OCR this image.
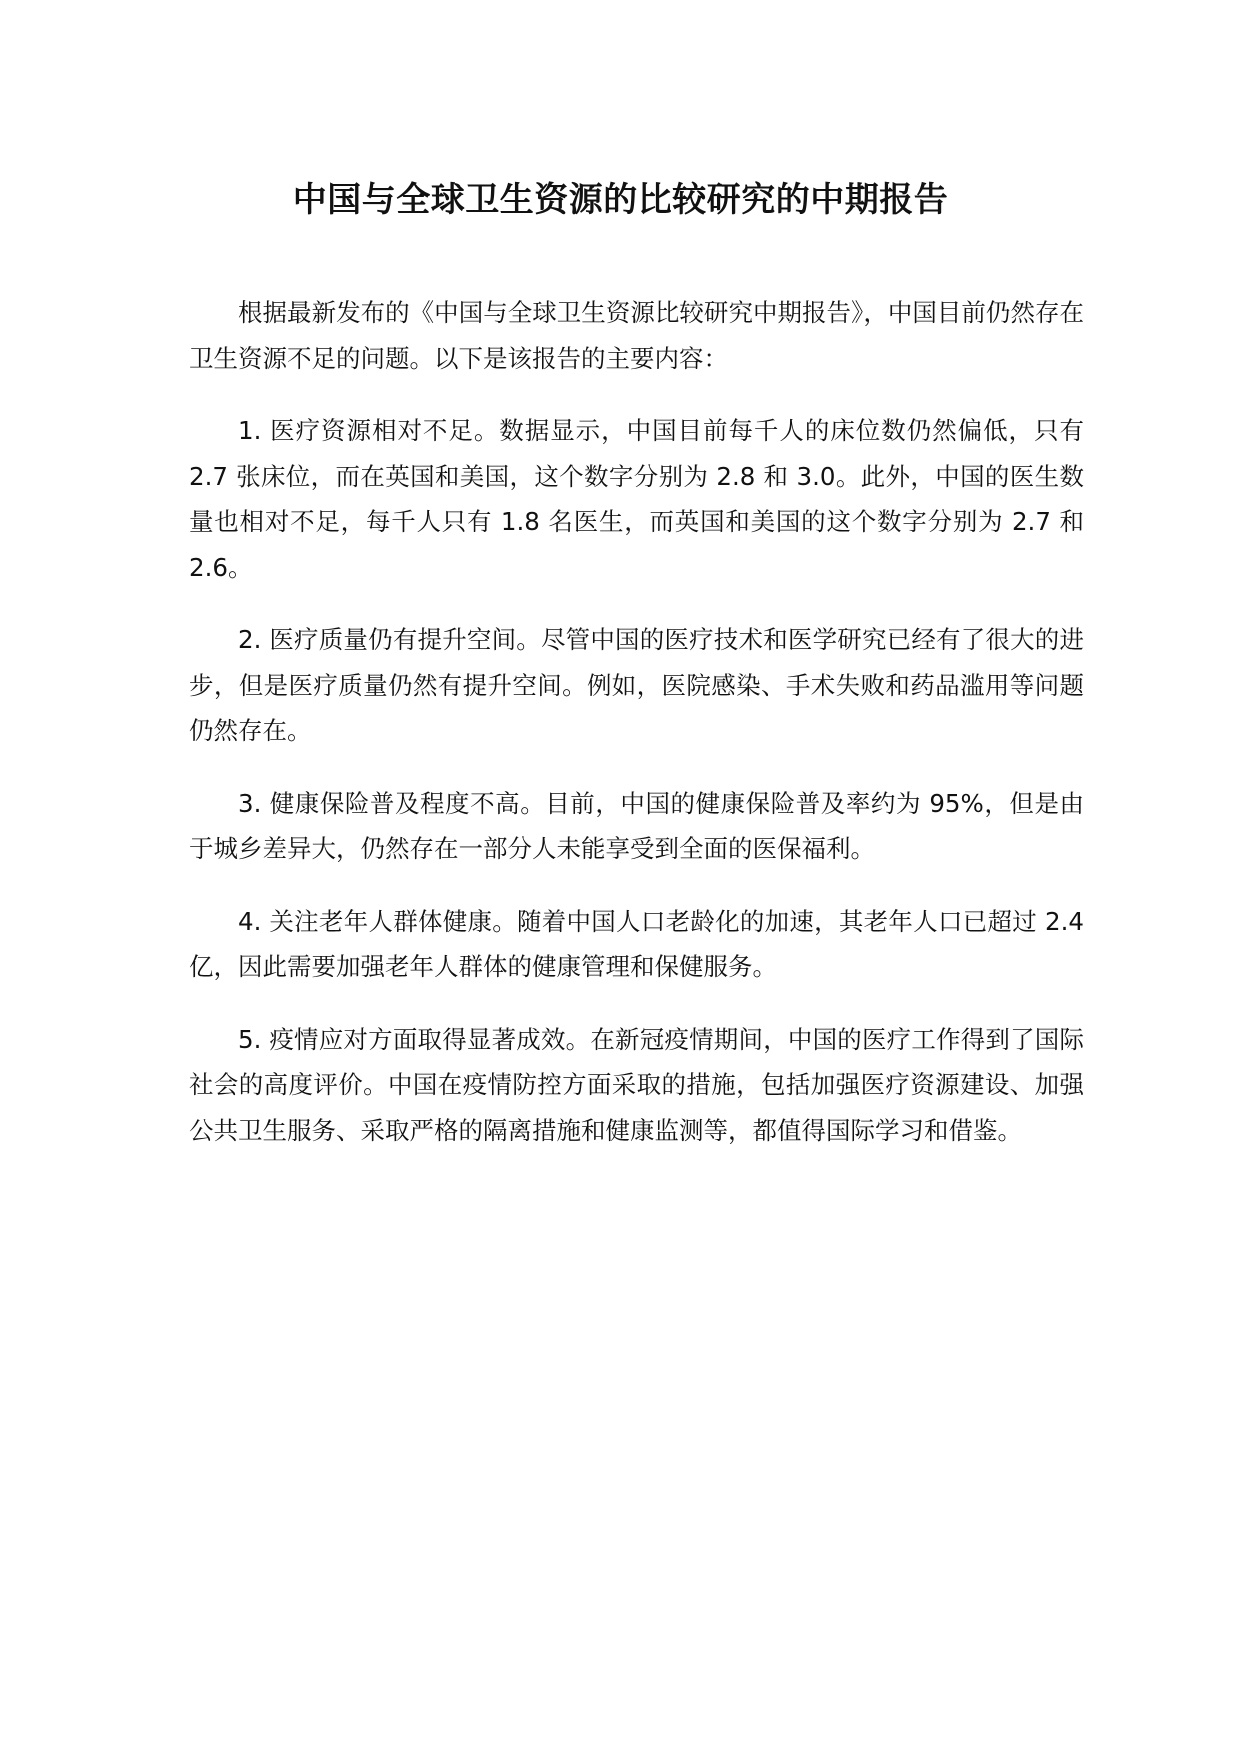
中国与全球卫生资源的比较研究的中期报告

根据最新发布的《中国与全球卫生资源比较研究中期报告》，中国目前仍然存在卫生资源不足的问题。以下是该报告的主要内容：

1. 医疗资源相对不足。数据显示，中国目前每千人的床位数仍然偏低，只有 2.7 张床位，而在英国和美国，这个数字分别为 2.8 和 3.0。此外，中国的医生数量也相对不足，每千人只有 1.8 名医生，而英国和美国的这个数字分别为 2.7 和 2.6。

2. 医疗质量仍有提升空间。尽管中国的医疗技术和医学研究已经有了很大的进步，但是医疗质量仍然有提升空间。例如，医院感染、手术失败和药品滥用等问题仍然存在。

3. 健康保险普及程度不高。目前，中国的健康保险普及率约为 95%，但是由于城乡差异大，仍然存在一部分人未能享受到全面的医保福利。

4. 关注老年人群体健康。随着中国人口老龄化的加速，其老年人口已超过 2.4 亿，因此需要加强老年人群体的健康管理和保健服务。

5. 疫情应对方面取得显著成效。在新冠疫情期间，中国的医疗工作得到了国际社会的高度评价。中国在疫情防控方面采取的措施，包括加强医疗资源建设、加强公共卫生服务、采取严格的隔离措施和健康监测等，都值得国际学习和借鉴。
